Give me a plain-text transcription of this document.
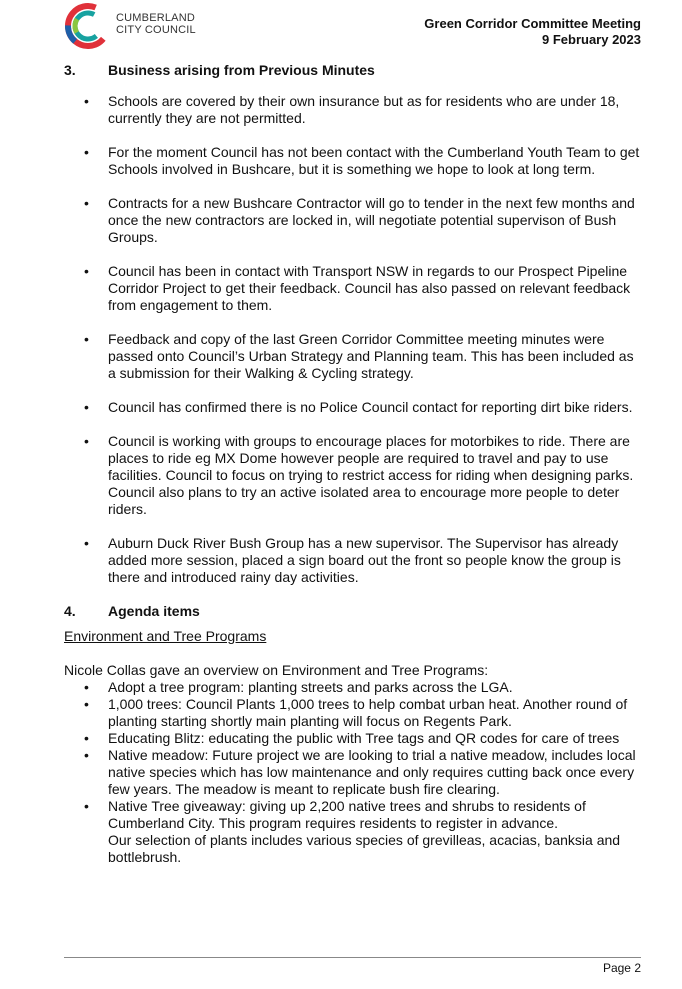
CUMBERLAND
CITY COUNCIL	Green Corridor Committee Meeting
9 February 2023
3.	Business arising from Previous Minutes
• Schools are covered by their own insurance but as for residents who are under 18, currently they are not permitted.
• For the moment Council has not been contact with the Cumberland Youth Team to get Schools involved in Bushcare, but it is something we hope to look at long term.
• Contracts for a new Bushcare Contractor will go to tender in the next few months and once the new contractors are locked in, will negotiate potential supervison of Bush Groups.
• Council has been in contact with Transport NSW in regards to our Prospect Pipeline Corridor Project to get their feedback. Council has also passed on relevant feedback from engagement to them.
• Feedback and copy of the last Green Corridor Committee meeting minutes were passed onto Council’s Urban Strategy and Planning team. This has been included as a submission for their Walking & Cycling strategy.
• Council has confirmed there is no Police Council contact for reporting dirt bike riders.
• Council is working with groups to encourage places for motorbikes to ride. There are places to ride eg MX Dome however people are required to travel and pay to use facilities. Council to focus on trying to restrict access for riding when designing parks. Council also plans to try an active isolated area to encourage more people to deter riders.
• Auburn Duck River Bush Group has a new supervisor. The Supervisor has already added more session, placed a sign board out the front so people know the group is there and introduced rainy day activities.
4.	Agenda items
Environment and Tree Programs
Nicole Collas gave an overview on Environment and Tree Programs:
• Adopt a tree program: planting streets and parks across the LGA.
• 1,000 trees: Council Plants 1,000 trees to help combat urban heat. Another round of planting starting shortly main planting will focus on Regents Park.
• Educating Blitz: educating the public with Tree tags and QR codes for care of trees
• Native meadow: Future project we are looking to trial a native meadow, includes local native species which has low maintenance and only requires cutting back once every few years. The meadow is meant to replicate bush fire clearing.
• Native Tree giveaway: giving up 2,200 native trees and shrubs to residents of Cumberland City. This program requires residents to register in advance.
Our selection of plants includes various species of grevilleas, acacias, banksia and bottlebrush.
Page 2
